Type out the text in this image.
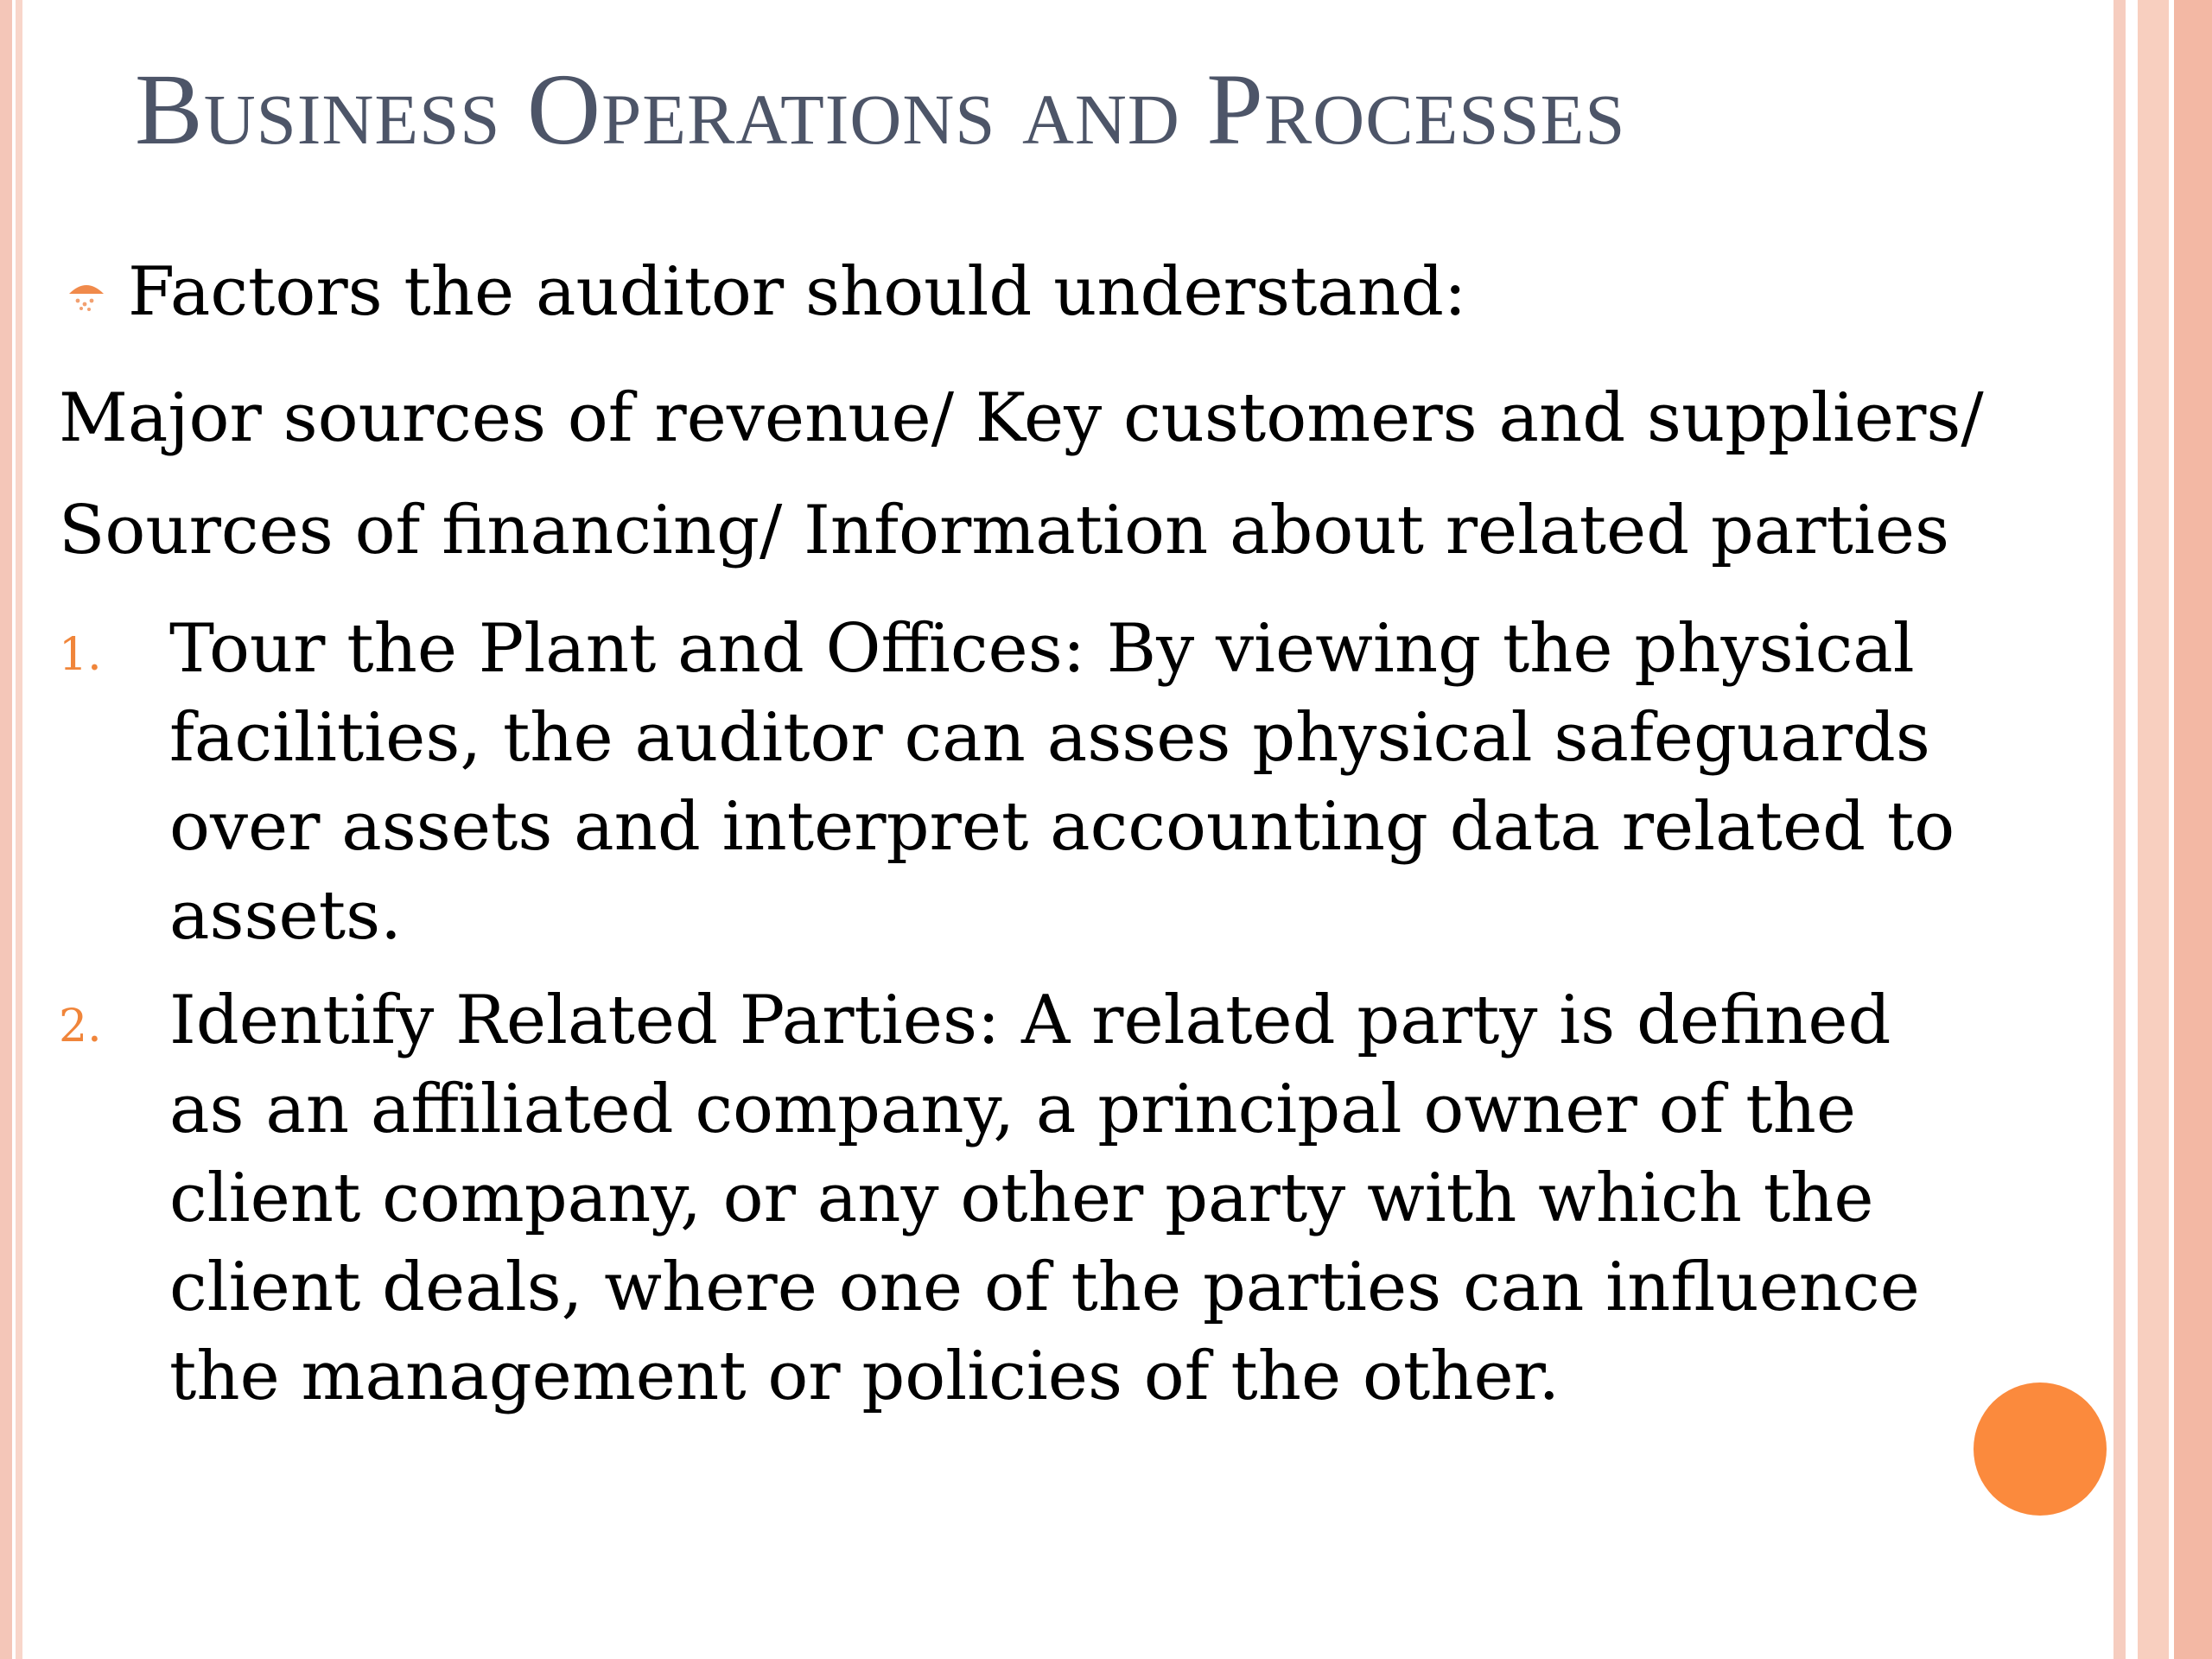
Business Operations and Processes
Factors the auditor should understand:

Major sources of revenue/ Key customers and suppliers/

Sources of financing/ Information about related parties

1. Tour the Plant and Offices: By viewing the physical facilities, the auditor can asses physical safeguards over assets and interpret accounting data related to assets.

2. Identify Related Parties: A related party is defined as an affiliated company, a principal owner of the client company, or any other party with which the client deals, where one of the parties can influence the management or policies of the other.
